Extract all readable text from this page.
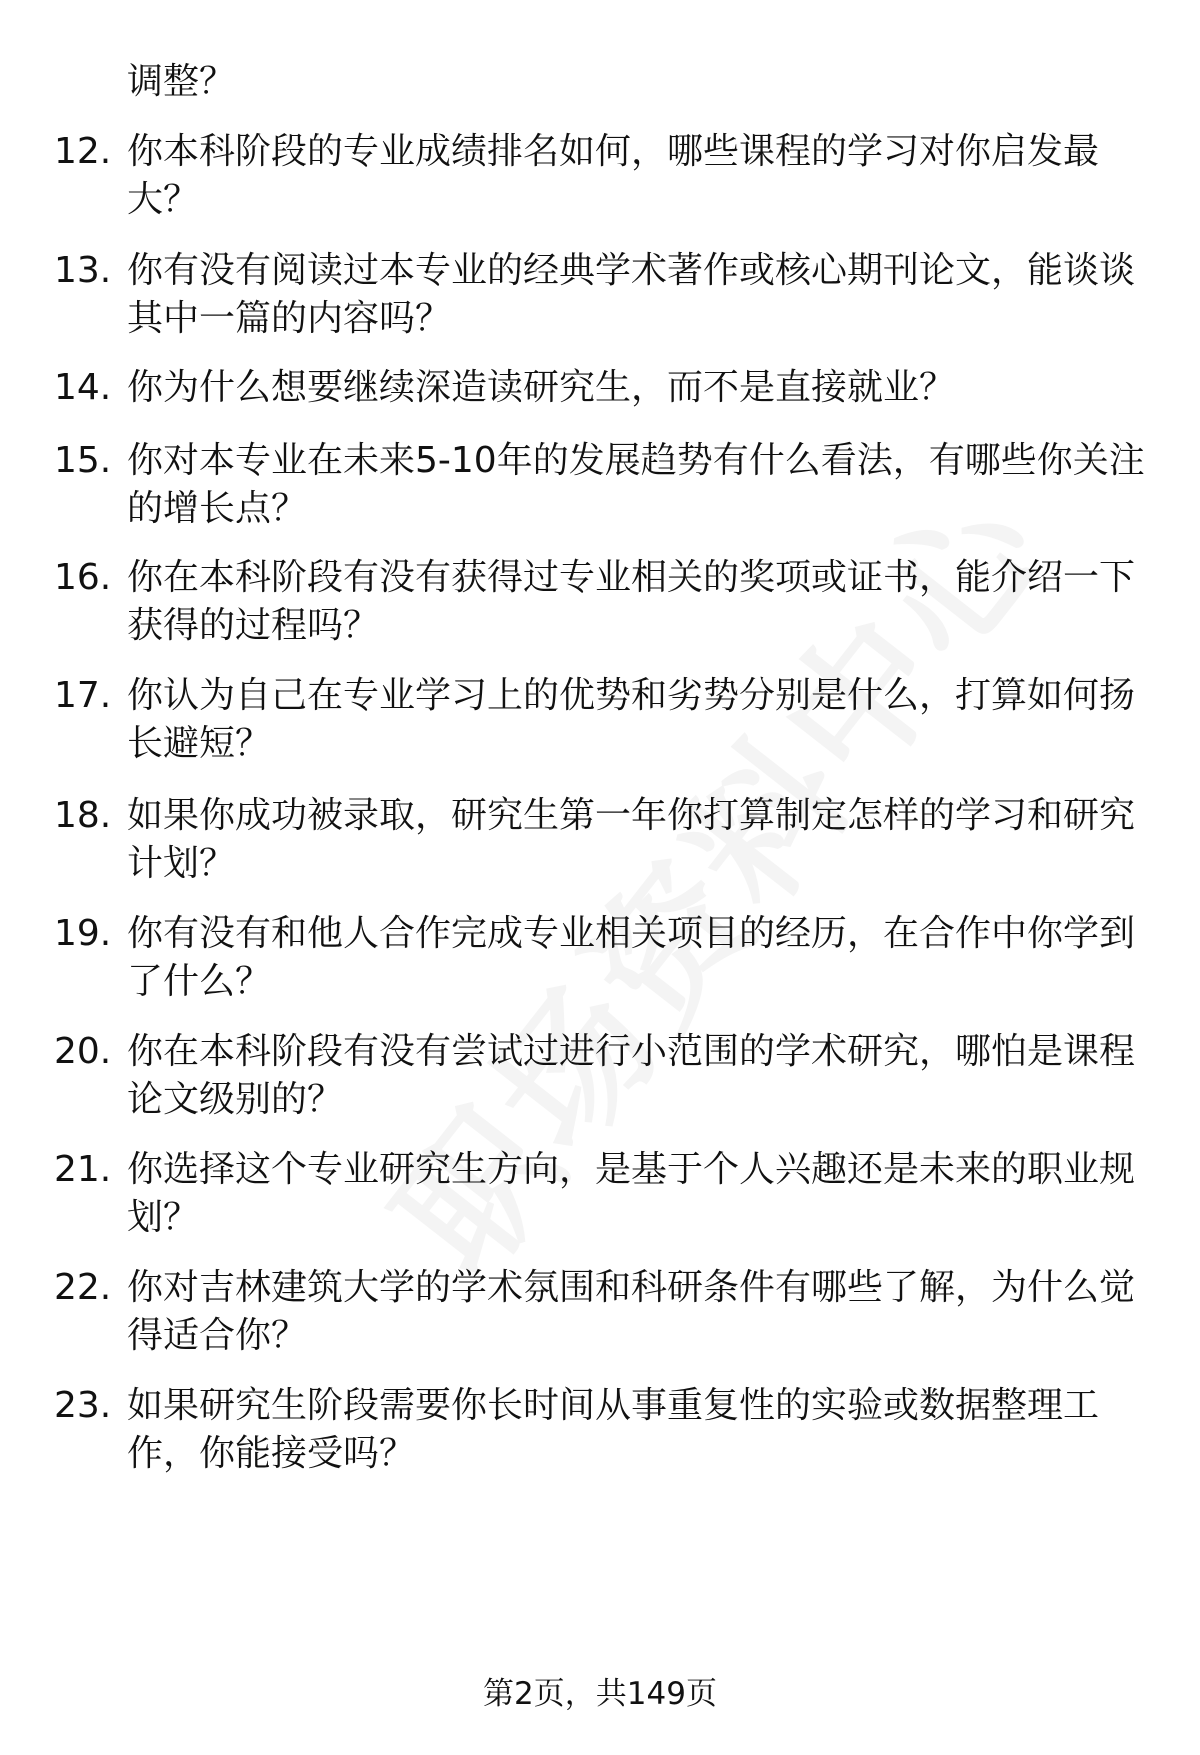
调整？
12. 你本科阶段的专业成绩排名如何，哪些课程的学习对你启发最
大？
13. 你有没有阅读过本专业的经典学术著作或核心期刊论文，能谈谈
其中一篇的内容吗？
14. 你为什么想要继续深造读研究生，而不是直接就业？
15. 你对本专业在未来5-10年的发展趋势有什么看法，有哪些你关注
的增长点？
16. 你在本科阶段有没有获得过专业相关的奖项或证书，能介绍一下
获得的过程吗？
17. 你认为自己在专业学习上的优势和劣势分别是什么，打算如何扬
长避短？
18. 如果你成功被录取，研究生第一年你打算制定怎样的学习和研究
计划？
19. 你有没有和他人合作完成专业相关项目的经历，在合作中你学到
了什么？
20. 你在本科阶段有没有尝试过进行小范围的学术研究，哪怕是课程
论文级别的？
21. 你选择这个专业研究生方向，是基于个人兴趣还是未来的职业规
划？
22. 你对吉林建筑大学的学术氛围和科研条件有哪些了解，为什么觉
得适合你？
23. 如果研究生阶段需要你长时间从事重复性的实验或数据整理工
作，你能接受吗？
第2页，共149页
